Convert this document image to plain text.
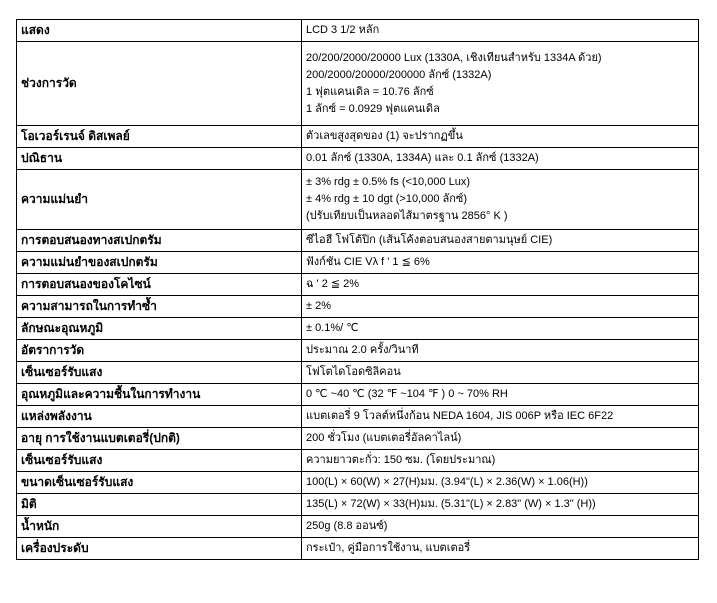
แสดง	LCD 3 1/2 หลัก

ช่วงการวัด	20/200/2000/20000 Lux (1330A, เชิงเทียนสำหรับ 1334A ด้วย)
200/2000/20000/200000 ลักซ์ (1332A)
1 ฟุตแคนเดิล = 10.76 ลักซ์
1 ลักซ์ = 0.0929 ฟุตแคนเดิล

โอเวอร์เรนจ์ ดิสเพลย์	ตัวเลขสูงสุดของ (1) จะปรากฏขึ้น

ปณิธาน	0.01 ลักซ์ (1330A, 1334A) และ 0.1 ลักซ์ (1332A)

ความแม่นยำ	± 3% rdg ± 0.5% fs (<10,000 Lux)
± 4% rdg ± 10 dgt (>10,000 ลักซ์)
(ปรับเทียบเป็นหลอดไส้มาตรฐาน 2856° K )

การตอบสนองทางสเปกตรัม	ซีไอฮี โฟโต้ปิก (เส้นโค้งตอบสนองสายตามนุษย์ CIE)

ความแม่นยำของสเปกตรัม	ฟังก์ชัน CIE Vλ f ' 1 ≦ 6%

การตอบสนองของโคไซน์	ฉ ' 2 ≦ 2%

ความสามารถในการทำซ้ำ	± 2%

ลักษณะอุณหภูมิ	± 0.1%/ ℃

อัตราการวัด	ประมาณ 2.0 ครั้ง/วินาที

เซ็นเซอร์รับแสง	โฟโตไดโอดซิลิคอน

อุณหภูมิและความชื้นในการทำงาน	0 ℃ ~40 ℃ (32 ℉ ~104 ℉ ) 0 ~ 70% RH

แหล่งพลังงาน	แบตเตอรี่ 9 โวลต์หนึ่งก้อน NEDA 1604, JIS 006P หรือ IEC 6F22

อายุ การใช้งานแบตเตอรี่(ปกติ)	200 ชั่วโมง (แบตเตอรี่อัลคาไลน์)

เซ็นเซอร์รับแสง	ความยาวตะกั่ว: 150 ซม. (โดยประมาณ)

ขนาดเซ็นเซอร์รับแสง	100(L) × 60(W) × 27(H)มม. (3.94"(L) × 2.36(W) × 1.06(H))

มิติ	135(L) × 72(W) × 33(H)มม. (5.31"(L) × 2.83" (W) × 1.3" (H))

น้ำหนัก	250g (8.8 ออนซ์)

เครื่องประดับ	กระเป๋า, คู่มือการใช้งาน, แบตเตอรี่
